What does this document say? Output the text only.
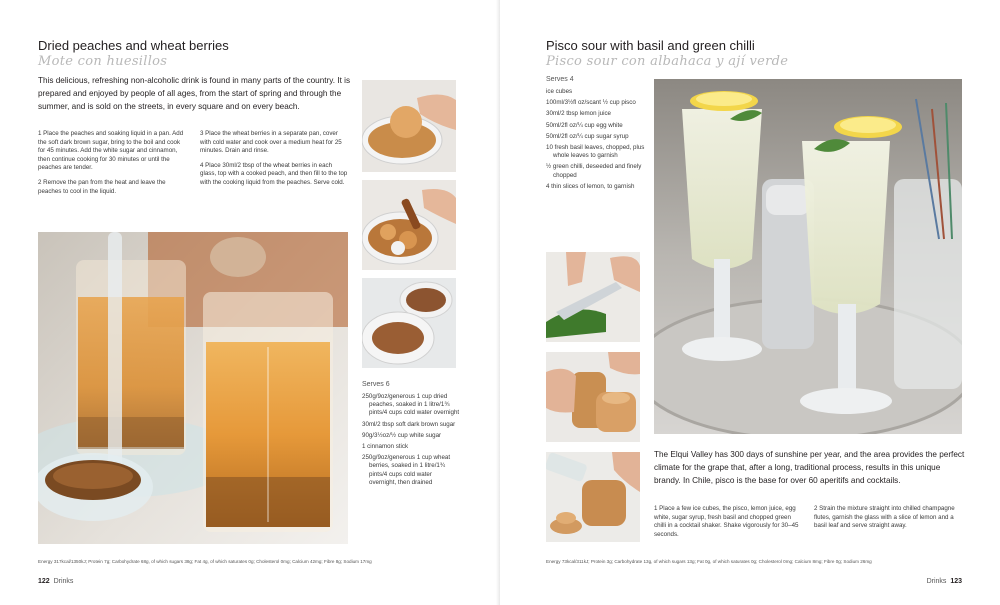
Dried peaches and wheat berries
Mote con huesillos
This delicious, refreshing non-alcoholic drink is found in many parts of the country. It is prepared and enjoyed by people of all ages, from the start of spring and through the summer, and is sold on the streets, in every square and on every beach.

1 Place the peaches and soaking liquid in a pan. Add the soft dark brown sugar, bring to the boil and cook for 45 minutes. Add the white sugar and cinnamon, then continue cooking for 30 minutes or until the peaches are tender.

2 Remove the pan from the heat and leave the peaches to cool in the liquid.

3 Place the wheat berries in a separate pan, cover with cold water and cook over a medium heat for 25 minutes. Drain and rinse.

4 Place 30ml/2 tbsp of the wheat berries in each glass, top with a cooked peach, and then fill to the top with the cooking liquid from the peaches. Serve cold.

Serves 6
250g/9oz/generous 1 cup dried peaches, soaked in 1 litre/1¾ pints/4 cups cold water overnight
30ml/2 tbsp soft dark brown sugar
90g/3½oz/½ cup white sugar
1 cinnamon stick
250g/9oz/generous 1 cup wheat berries, soaked in 1 litre/1¾ pints/4 cups cold water overnight, then drained
Energy 317kcal/1350kJ; Protein 7g; Carbohydrate 68g, of which sugars 38g; Fat 4g, of which saturates 0g; Cholesterol 0mg; Calcium 42mg; Fibre 8g; Sodium 17mg
122 Drinks
Pisco sour with basil and green chilli
Pisco sour con albahaca y ají verde
Serves 4
ice cubes
100ml/3½fl oz/scant ½ cup pisco
30ml/2 tbsp lemon juice
50ml/2fl oz/¼ cup egg white
50ml/2fl oz/¼ cup sugar syrup
10 fresh basil leaves, chopped, plus whole leaves to garnish
½ green chilli, deseeded and finely chopped
4 thin slices of lemon, to garnish
The Elqui Valley has 300 days of sunshine per year, and the area provides the perfect climate for the grape that, after a long, traditional process, results in this unique brandy. In Chile, pisco is the base for over 60 aperitifs and cocktails.

1 Place a few ice cubes, the pisco, lemon juice, egg white, sugar syrup, fresh basil and chopped green chilli in a cocktail shaker. Shake vigorously for 30–45 seconds.

2 Strain the mixture straight into chilled champagne flutes, garnish the glass with a slice of lemon and a basil leaf and serve straight away.

Energy 73kcal/311kJ; Protein 3g; Carbohydrate 13g, of which sugars 13g; Fat 0g, of which saturates 0g; Cholesterol 0mg; Calcium 8mg; Fibre 0g; Sodium 26mg
Drinks 123
